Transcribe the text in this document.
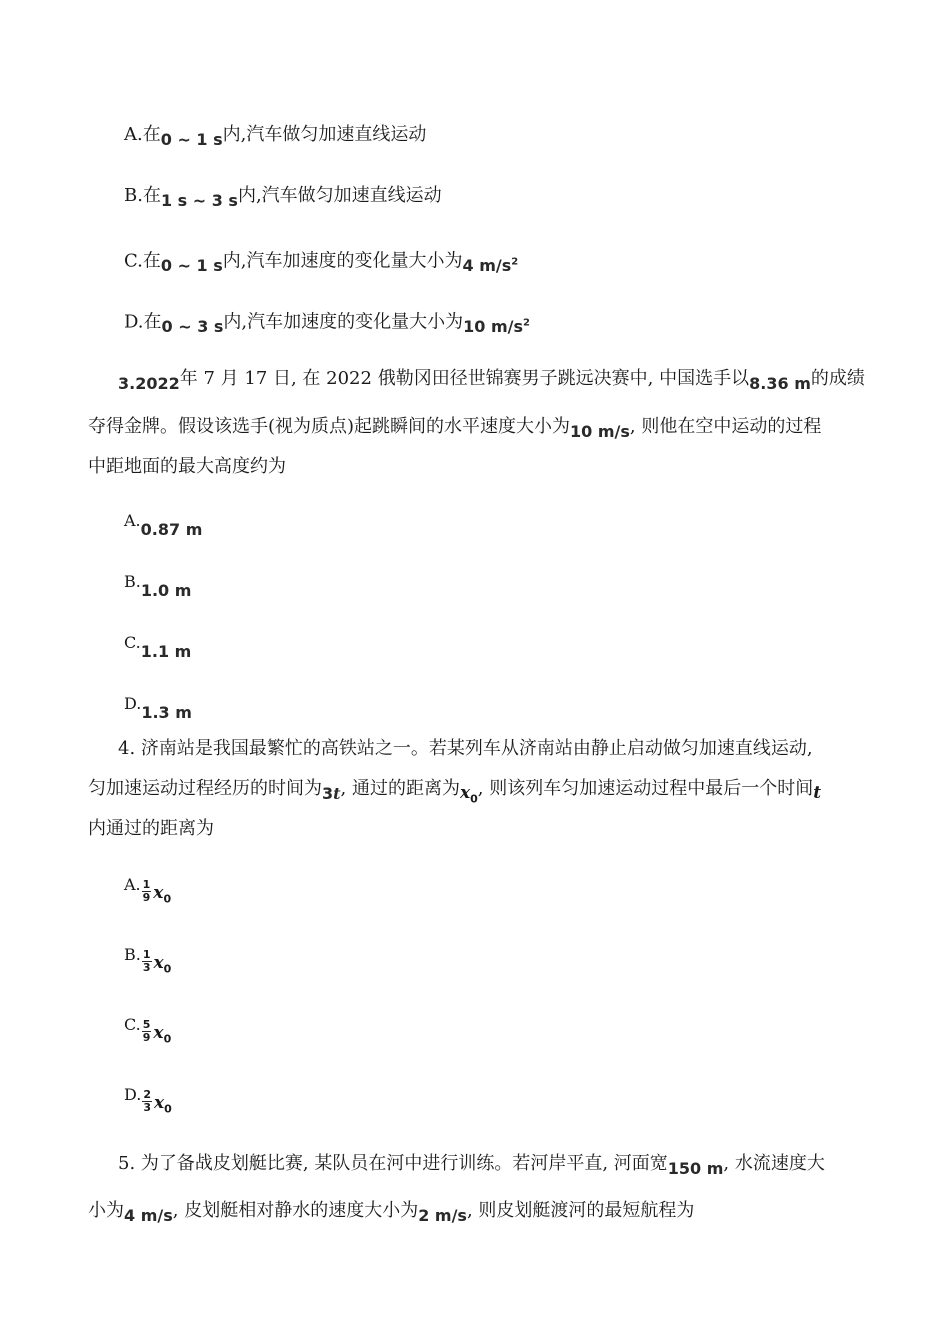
A.在0 ~ 1 s内,汽车做匀加速直线运动
B.在1 s ~ 3 s内,汽车做匀加速直线运动
C.在0 ~ 1 s内,汽车加速度的变化量大小为4 $m/s^2$
D.在0 ~ 3 s内,汽车加速度的变化量大小为10 $m/s^2$
3.2022年 7 月 17 日, 在 2022 俄勒冈田径世锦赛男子跳远决赛中, 中国选手以8.36 m的成绩
夺得金牌。假设该选手(视为质点)起跳瞬间的水平速度大小为10 m/s, 则他在空中运动的过程
中距地面的最大高度约为
A.0.87 m
B.1.0 m
C.1.1 m
D.1.3 m
4. 济南站是我国最繁忙的高铁站之一。若某列车从济南站由静止启动做匀加速直线运动,
匀加速运动过程经历的时间为3t, 通过的距离为$x_0$, 则该列车匀加速运动过程中最后一个时间t
内通过的距离为
A. $\frac{1}{9} x_0$
B. $\frac{1}{3} x_0$
C. $\frac{5}{9} x_0$
D. $\frac{2}{3} x_0$
5. 为了备战皮划艇比赛, 某队员在河中进行训练。若河岸平直, 河面宽150 m, 水流速度大
小为4 m/s, 皮划艇相对静水的速度大小为2 m/s, 则皮划艇渡河的最短航程为
